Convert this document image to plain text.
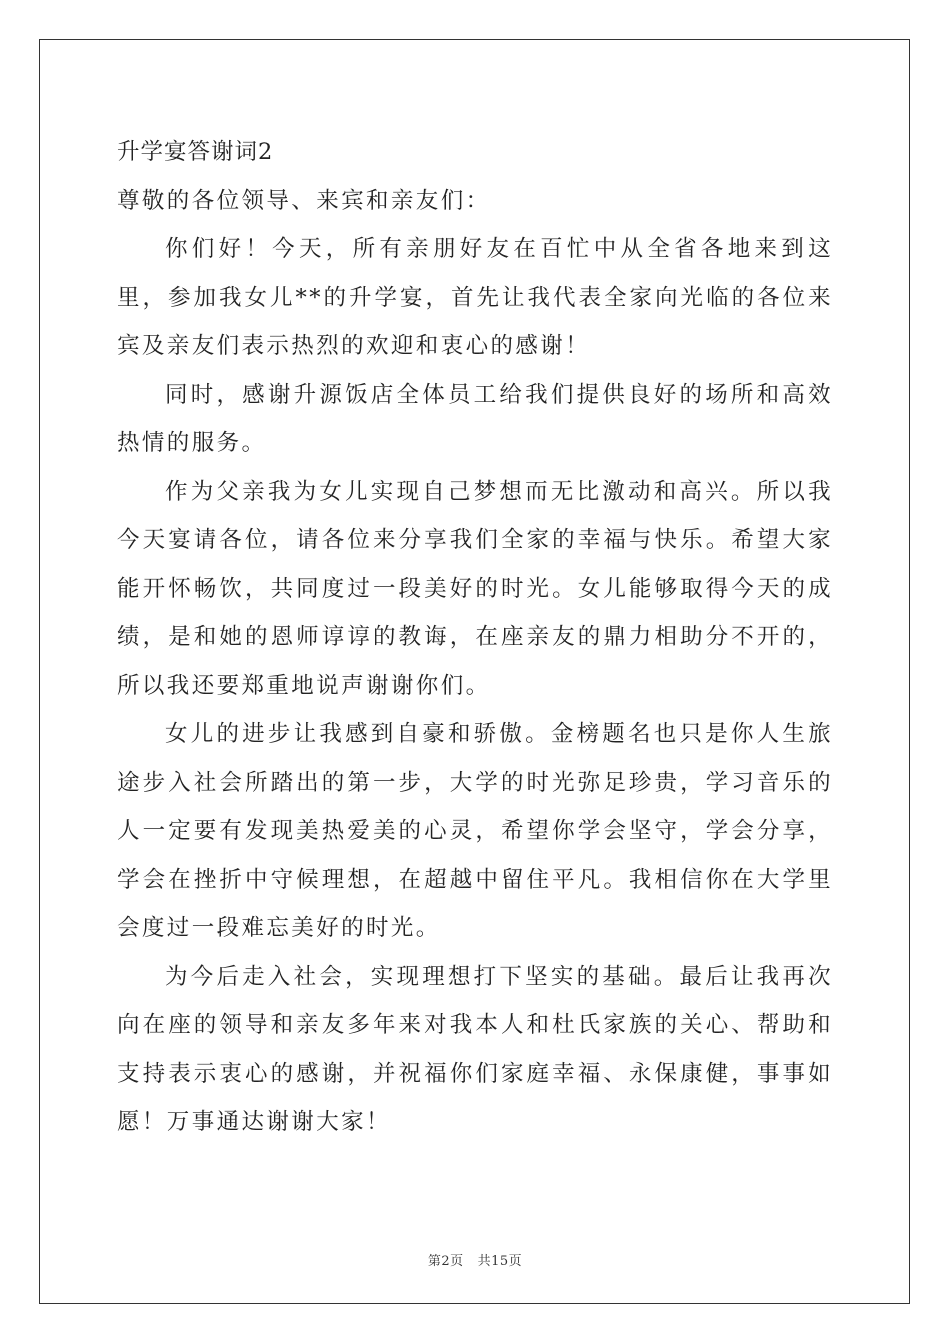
升学宴答谢词2
尊敬的各位领导、来宾和亲友们：

你们好！今天，所有亲朋好友在百忙中从全省各地来到这里，参加我女儿**的升学宴，首先让我代表全家向光临的各位来宾及亲友们表示热烈的欢迎和衷心的感谢！

同时，感谢升源饭店全体员工给我们提供良好的场所和高效热情的服务。

作为父亲我为女儿实现自己梦想而无比激动和高兴。所以我今天宴请各位，请各位来分享我们全家的幸福与快乐。希望大家能开怀畅饮，共同度过一段美好的时光。女儿能够取得今天的成绩，是和她的恩师谆谆的教诲，在座亲友的鼎力相助分不开的，所以我还要郑重地说声谢谢你们。

女儿的进步让我感到自豪和骄傲。金榜题名也只是你人生旅途步入社会所踏出的第一步，大学的时光弥足珍贵，学习音乐的人一定要有发现美热爱美的心灵，希望你学会坚守，学会分享，学会在挫折中守候理想，在超越中留住平凡。我相信你在大学里会度过一段难忘美好的时光。

为今后走入社会，实现理想打下坚实的基础。最后让我再次向在座的领导和亲友多年来对我本人和杜氏家族的关心、帮助和支持表示衷心的感谢，并祝福你们家庭幸福、永保康健，事事如愿！万事通达谢谢大家！

第2页 共15页
